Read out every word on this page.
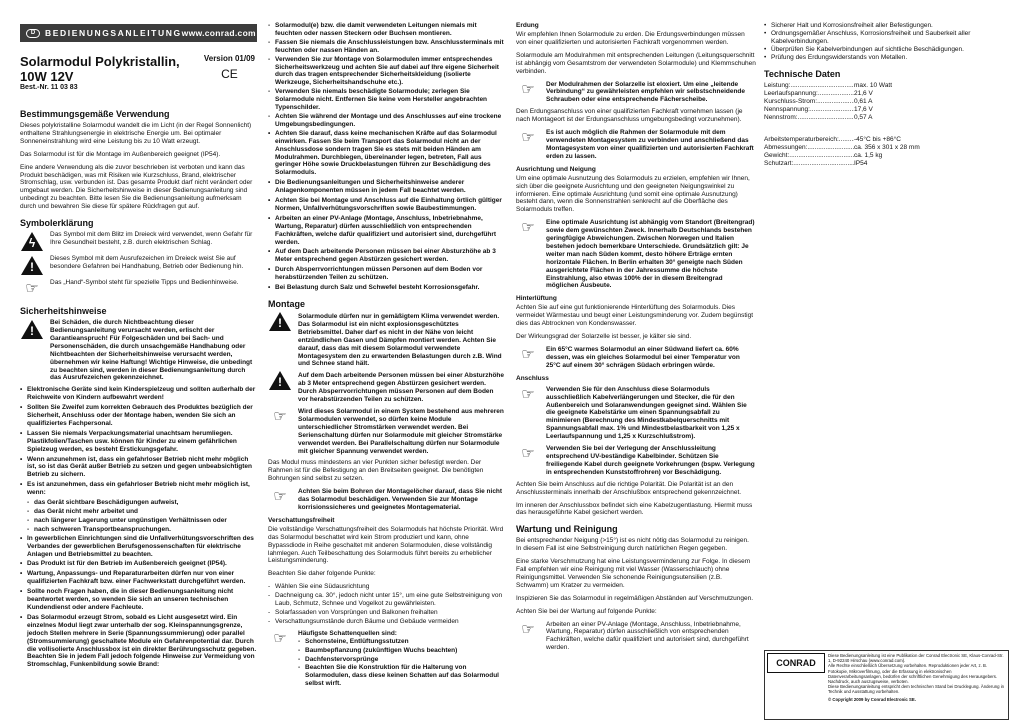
D	BEDIENUNGSANLEITUNG www.conrad.com
Solarmodul Polykristallin,
10W 12V

Best.-Nr. 11 03 83

Version 01/09
CE
Bestimmungsgemäße Verwendung

Dieses polykristalline Solarmodul wandelt die im Licht (in der Regel Sonnenlicht) enthaltene Strahlungsenergie in elektrische Energie um. Bei optimaler Sonneneinstrahlung wird eine Leistung bis zu 10 Watt erzeugt.

Das Solarmodul ist für die Montage im Außenbereich geeignet (IP54).

Eine andere Verwendung als die zuvor beschrieben ist verboten und kann das Produkt beschädigen, was mit Risiken wie Kurzschluss, Brand, elektrischer Stromschlag, usw. verbunden ist. Das gesamte Produkt darf nicht verändert oder umgebaut werden. Die Sicherheitshinweise in dieser Bedienungsanleitung sind unbedingt zu beachten. Bitte lesen Sie die Bedienungsanleitung aufmerksam durch und bewahren Sie diese für spätere Rückfragen gut auf.

Symbolerklärung
ϟ

Das Symbol mit dem Blitz im Dreieck wird verwendet, wenn Gefahr für Ihre Gesundheit besteht, z.B. durch elektrischen Schlag.

!

Dieses Symbol mit dem Ausrufezeichen im Dreieck weist Sie auf besondere Gefahren bei Handhabung, Betrieb oder Bedienung hin.

☞	Das „Hand“-Symbol steht für spezielle Tipps und Bedienhinweise.

Sicherheitshinweise
!

Bei Schäden, die durch Nichtbeachtung dieser Bedienungsanleitung verursacht werden, erlischt der Garantieanspruch! Für Folgeschäden und bei Sach- und Personenschäden, die durch unsachgemäße Handhabung oder Nichtbeachten der Sicherheitshinweise verursacht werden, übernehmen wir keine Haftung! Wichtige Hinweise, die unbedingt zu beachten sind, werden in dieser Bedienungsanleitung durch das Ausrufezeichen gekennzeichnet.

• Elektronische Geräte sind kein Kinderspielzeug und sollten außerhalb der Reichweite von Kindern aufbewahrt werden!
• Sollten Sie Zweifel zum korrekten Gebrauch des Produktes bezüglich der Sicherheit, Anschluss oder der Montage haben, wenden Sie sich an qualifiziertes Fachpersonal.
• Lassen Sie niemals Verpackungsmaterial unachtsam herumliegen. Plastikfolien/Taschen usw. können für Kinder zu einem gefährlichen Spielzeug werden, es besteht Erstickungsgefahr.
• Wenn anzunehmen ist, dass ein gefahrloser Betrieb nicht mehr möglich ist, so ist das Gerät außer Betrieb zu setzen und gegen unbeabsichtigten Betrieb zu sichern.
• Es ist anzunehmen, dass ein gefahrloser Betrieb nicht mehr möglich ist, wenn:
- das Gerät sichtbare Beschädigungen aufweist,
- das Gerät nicht mehr arbeitet und
- nach längerer Lagerung unter ungünstigen Verhältnissen oder
- nach schweren Transportbeanspruchungen.
• In gewerblichen Einrichtungen sind die Unfallverhütungsvorschriften des Verbandes der gewerblichen Berufsgenossenschaften für elektrische Anlagen und Betriebsmittel zu beachten.
• Das Produkt ist für den Betrieb im Außenbereich geeignet (IP54).
• Wartung, Anpassungs- und Reparaturarbeiten dürfen nur von einer qualifizierten Fachkraft bzw. einer Fachwerkstatt durchgeführt werden.
• Sollte noch Fragen haben, die in dieser Bedienungsanleitung nicht beantwortet werden, so wenden Sie sich an unseren technischen Kundendienst oder andere Fachleute.
• Das Solarmodul erzeugt Strom, sobald es Licht ausgesetzt wird. Ein einzelnes Modul liegt zwar unterhalb der sog. Kleinspannungsgrenze, jedoch Stellen mehrere in Serie (Spannungssummierung) oder parallel (Stromsummierung) geschaltete Module ein Gefahrenpotential dar. Durch die vollisolierte Anschlussbox ist ein direkter Berührungsschutz gegeben. Beachten Sie in jedem Fall jedoch folgende Hinweise zur Vermeidung von Stromschlag, Funkenbildung sowie Brand:
- Solarmodul(e) bzw. die damit verwendeten Leitungen niemals mit feuchten oder nassen Steckern oder Buchsen montieren.
- Fassen Sie niemals die Anschlussleistungen bzw. Anschlussterminals mit feuchten oder nassen Händen an.
- Verwenden Sie zur Montage von Solarmodulen immer entsprechendes Sicherheitswerkzeug und achten Sie auf dabei auf Ihre eigene Sicherheit durch das tragen entsprechender Sicherheitskleidung (isolierte Werkzeuge, Sicherheitshandschuhe etc.).
- Verwenden Sie niemals beschädigte Solarmodule; zerlegen Sie Solarmodule nicht. Entfernen Sie keine vom Hersteller angebrachten Typenschilder.
- Achten Sie während der Montage und des Anschlusses auf eine trockene Umgebungsbedingungen.
• Achten Sie darauf, dass keine mechanischen Kräfte auf das Solarmodul einwirken. Fassen Sie beim Transport das Solarmodul nicht an der Anschlussdose sondern tragen Sie es stets mit beiden Händen am Modulrahmen. Durchbiegen, übereinander legen, betreten, Fall aus geringer Höhe sowie Druckbelastungen führen zur Beschädigung des Solarmoduls.
• Die Bedienungsanleitungen und Sicherheitshinweise anderer Anlagenkomponenten müssen in jedem Fall beachtet werden.
• Achten Sie bei Montage und Anschluss auf die Einhaltung örtlich gültiger Normen, Unfallverhütungsvorschriften sowie Baubestimmungen.
• Arbeiten an einer PV-Anlage (Montage, Anschluss, Inbetriebnahme, Wartung, Reparatur) dürfen ausschließlich von entsprechenden Fachkräften, welche dafür qualifiziert und autorisiert sind, durchgeführt werden.
• Auf dem Dach arbeitende Personen müssen bei einer Absturzhöhe ab 3 Meter entsprechend gegen Abstürzen gesichert werden.
• Durch Absperrvorrichtungen müssen Personen auf dem Boden vor herabstürzenden Teilen zu schützen.
• Bei Belastung durch Salz und Schwefel besteht Korrosionsgefahr.
Montage
!	Solarmodule dürfen nur in gemäßigtem Klima verwendet werden. Das Solarmodul ist ein nicht explosionsgeschütztes Betriebsmittel. Daher darf es nicht in der Nähe von leicht entzündlichen Gasen und Dämpfen montiert werden. Achten Sie darauf, dass das mit diesem Solarmodul verwendete Montagesystem den zu erwartenden Belastungen durch z.B. Wind und Schnee stand hält.

!	Auf dem Dach arbeitende Personen müssen bei einer Absturzhöhe ab 3 Meter entsprechend gegen Abstürzen gesichert werden. Durch Absperrvorrichtungen müssen Personen auf dem Boden vor herabstürzenden Teilen zu schützen.

☞	Wird dieses Solarmodul in einem System bestehend aus mehreren Solarmodulen verwendet, so dürfen keine Module unterschiedlicher Stromstärken verwendet werden. Bei Serienschaltung dürfen nur Solarmodule mit gleicher Stromstärke verwendet werden. Bei Parallelschaltung dürfen nur Solarmodule mit gleicher Spannung verwendet werden.

Das Modul muss mindestens an vier Punkten sicher befestigt werden. Der Rahmen ist für die Befestigung an den Breitseiten geeignet. Die benötigten Bohrungen sind selbst zu setzen.

☞	Achten Sie beim Bohren der Montagelöcher darauf, dass Sie nicht das Solarmodul beschädigen. Verwenden Sie zur Montage korrisionssicheres und geeignetes Montagematerial.

Verschattungsfreiheit

Die vollständige Verschattungsfreiheit des Solarmoduls hat höchste Priorität. Wird das Solarmodul beschattet wird kein Strom produziert und kann, ohne Bypassdiode in Reihe geschaltet mit anderen Solarmodulen, diese vollständig lahmlegen. Auch Teilbeschattung des Solarmoduls führt bereits zu erheblicher Leistungsminderung.

Beachten Sie daher folgende Punkte:

- Wählen Sie eine Südausrichtung
- Dachneigung ca. 30°, jedoch nicht unter 15°, um eine gute Selbstreinigung von Laub, Schmutz, Schnee und Vogelkot zu gewährleisten.
- Solarfassaden von Vorsprüngen und Balkonen freihalten
- Verschattungsumstände durch Bäume und Gebäude vermeiden
☞	Häufigste Schattenquellen sind:

- Schornsteine, Entlüftungsstutzen
- Baumbepflanzung (zukünftigen Wuchs beachten)
- Dachfenstervorsprünge
- Beachten Sie die Konstruktion für die Halterung von Solarmodulen, dass diese keinen Schatten auf das Solarmodul selbst wirft.
Erdung

Wir empfehlen Ihnen Solarmodule zu erden. Die Erdungsverbindungen müssen von einer qualifizierten und autorisierten Fachkraft vorgenommen werden.

Solarmodule am Modulrahmen mit entsprechenden Leitungen (Leitungsquerschnitt ist abhängig vom Gesamtstrom der verwendeten Solarmodule) und Klemmschuhen verbinden.

☞	Der Modulrahmen der Solarzelle ist eloxiert. Um eine „leitende Verbindung“ zu gewährleisten empfehlen wir selbstschneidende Schrauben oder eine entsprechende Fächerscheibe.

Den Erdungsanschluss von einer qualifizierten Fachkraft vornehmen lassen (je nach Montageort ist der Erdungsanschluss umgebungsbedingt vorzunehmen).

☞	Es ist auch möglich die Rahmen der Solarmodule mit dem verwendeten Montagesystem zu verbinden und anschließend das Montagesystem von einer qualifizierten und autorisierten Fachkraft erden zu lassen.

Ausrichtung und Neigung

Um eine optimale Ausnutzung des Solarmoduls zu erzielen, empfehlen wir Ihnen, sich über die geeignete Ausrichtung und den geeigneten Neigungswinkel zu informieren. Eine optimale Ausrichtung (und somit eine optimale Ausnutzung) besteht dann, wenn die Sonnenstrahlen senkrecht auf die Oberfläche des Solarmoduls treffen.

☞	Eine optimale Ausrichtung ist abhängig vom Standort (Breitengrad) sowie dem gewünschten Zweck. Innerhalb Deutschlands bestehen geringfügige Abweichungen. Zwischen Norwegen und Italien bestehen jedoch bemerkbare Unterschiede. Grundsätzlich gilt: Je weiter man nach Süden kommt, desto höhere Erträge ernten horizontale Flächen. In Berlin erhalten 30° geneigte nach Süden ausgerichtete Flächen in der Jahressumme die höchste Einstrahlung, also etwas 100% der in diesem Breitengrad möglichen Ausbeute.

Hinterlüftung

Achten Sie auf eine gut funktionierende Hinterlüftung des Solarmoduls. Dies vermeidet Wärmestau und beugt einer Leistungsminderung vor. Zudem begünstigt dies das Abtrocknen von Kondenswasser.

Der Wirkungsgrad der Solarzelle ist besser, je kälter sie sind.

☞	Ein 65°C warmes Solarmodul an einer Südwand liefert ca. 60% dessen, was ein gleiches Solarmodul bei einer Temperatur von 25°C auf einem 30° schrägen Südach erbringen würde.

Anschluss
☞	Verwenden Sie für den Anschluss diese Solarmoduls ausschließlich Kabelverlängerungen und Stecker, die für den Außenbereich und Solaranwendungen geeignet sind. Wählen Sie die geeignete Kabelstärke um einen Spannungsabfall zu minimieren (Berechnung des Mindestkabelquerschnitts mit Spannungsabfall max. 1% und Mindestbelastbarkeit von 1,25 x Leerlaufspannung und 1,25 x Kurzschlußstrom).

☞	Verwenden Sie bei der Verlegung der Anschlussleitung entsprechend UV-beständige Kabelbinder. Schützen Sie freiliegende Kabel durch geeignete Vorkehrungen (bspw. Verlegung in entsprechenden Kunststoffrohren) vor Beschädigung.

Achten Sie beim Anschluss auf die richtige Polarität. Die Polarität ist an den Anschlussterminals innerhalb der Anschlußbox entsprechend gekennzeichnet.

Im inneren der Anschlussbox befindet sich eine Kabelzugentlastung. Hiermit muss das herausgeführte Kabel gesichert werden.

Wartung und Reinigung

Bei entsprechender Neigung (>15°) ist es nicht nötig das Solarmodul zu reinigen. In diesem Fall ist eine Selbstreinigung durch natürlichen Regen gegeben.

Eine starke Verschmutzung hat eine Leistungsverminderung zur Folge. In diesem Fall empfehlen wir eine Reinigung mit viel Wasser (Wasserschlauch) ohne Reinigungsmittel. Verwenden Sie schonende Reinigungsutensilien (z.B. Schwamm) um Kratzer zu vermeiden.

Inspizieren Sie das Solarmodul in regelmäßigen Abständen auf Verschmutzungen.

Achten Sie bei der Wartung auf folgende Punkte:

☞	Arbeiten an einer PV-Anlage (Montage, Anschluss, Inbetriebnahme, Wartung, Reparatur) dürfen ausschließlich von entsprechenden Fachkräften, welche dafür qualifiziert und autorisiert sind, durchgeführt werden.

• Sicherer Halt und Korrosionsfreiheit aller Befestigungen.
• Ordnungsgemäßer Anschluss, Korrosionsfreiheit und Sauberkeit aller Kabelverbindungen.
• Überprüfen Sie Kabelverbindungen auf sichtliche Beschädigungen.
• Prüfung des Erdungswiderstands von Metallen.
Technische Daten
Leistung: .....	max. 10 Watt
Leerlaufspannung: .....	21,6 V
Kurschluss-Strom: .....	0,61 A
Nennspannung: .....	17,6 V
Nennstrom: .....	0,57 A
Arbeitstemperaturbereich: .....	-45°C bis +86°C
Abmessungen: .....	ca. 356 x 301 x 28 mm
Gewicht: .....	ca. 1,5 kg
Schutzart: .....	IP54
CONRAD

Diese Bedienungsanleitung ist eine Publikation der Conrad Electronic SE, Klaus-Conrad-Str. 1, D-92240 Hirschau (www.conrad.com).

Alle Rechte einschließlich Übersetzung vorbehalten. Reproduktionen jeder Art, z. B. Fotokopie, Mikroverfilmung, oder die Erfassung in elektronischen Datenverarbeitungsanlagen, bedürfen der schriftlichen Genehmigung des Herausgebers. Nachdruck, auch auszugsweise, verboten.

Diese Bedienungsanleitung entspricht dem technischen Stand bei Drucklegung. Änderung in Technik und Ausstattung vorbehalten.

© Copyright 2009 by Conrad Electronic SE.
